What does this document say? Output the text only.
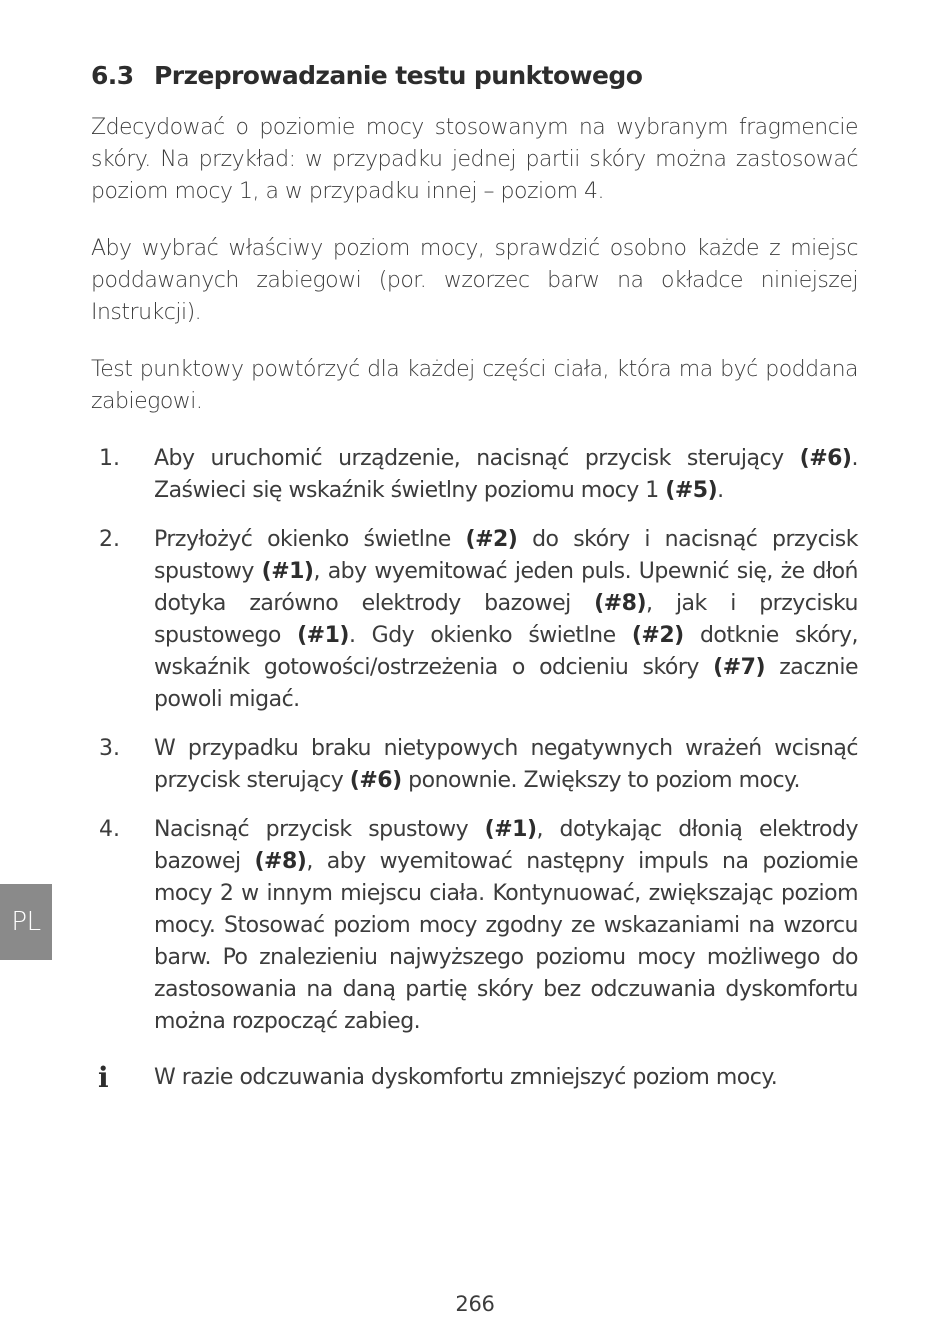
6.3 Przeprowadzanie testu punktowego

Zdecydować o poziomie mocy stosowanym na wybranym fragmencie skóry. Na przykład: w przypadku jednej partii skóry można zastosować poziom mocy 1, a w przypadku innej – poziom 4.

Aby wybrać właściwy poziom mocy, sprawdzić osobno każde z miejsc poddawanych zabiegowi (por. wzorzec barw na okładce niniejszej Instrukcji).

Test punktowy powtórzyć dla każdej części ciała, która ma być poddana zabiegowi.

1.	Aby uruchomić urządzenie, nacisnąć przycisk sterujący (#6). Zaświeci się wskaźnik świetlny poziomu mocy 1 (#5).
2.	Przyłożyć okienko świetlne (#2) do skóry i nacisnąć przycisk spustowy (#1), aby wyemitować jeden puls. Upewnić się, że dłoń dotyka zarówno elektrody bazowej (#8), jak i przycisku spustowego (#1). Gdy okienko świetlne (#2) dotknie skóry, wskaźnik gotowości/ostrzeżenia o odcieniu skóry (#7) zacznie powoli migać.
3.	W przypadku braku nietypowych negatywnych wrażeń wcisnąć przycisk sterujący (#6) ponownie. Zwiększy to poziom mocy.
4.	Nacisnąć przycisk spustowy (#1), dotykając dłonią elektrody bazowej (#8), aby wyemitować następny impuls na poziomie mocy 2 w innym miejscu ciała. Kontynuować, zwiększając poziom mocy. Stosować poziom mocy zgodny ze wskazaniami na wzorcu barw. Po znalezieniu najwyższego poziomu mocy możliwego do zastosowania na daną partię skóry bez odczuwania dyskomfortu można rozpocząć zabieg.
i	W razie odczuwania dyskomfortu zmniejszyć poziom mocy.
PL
266
